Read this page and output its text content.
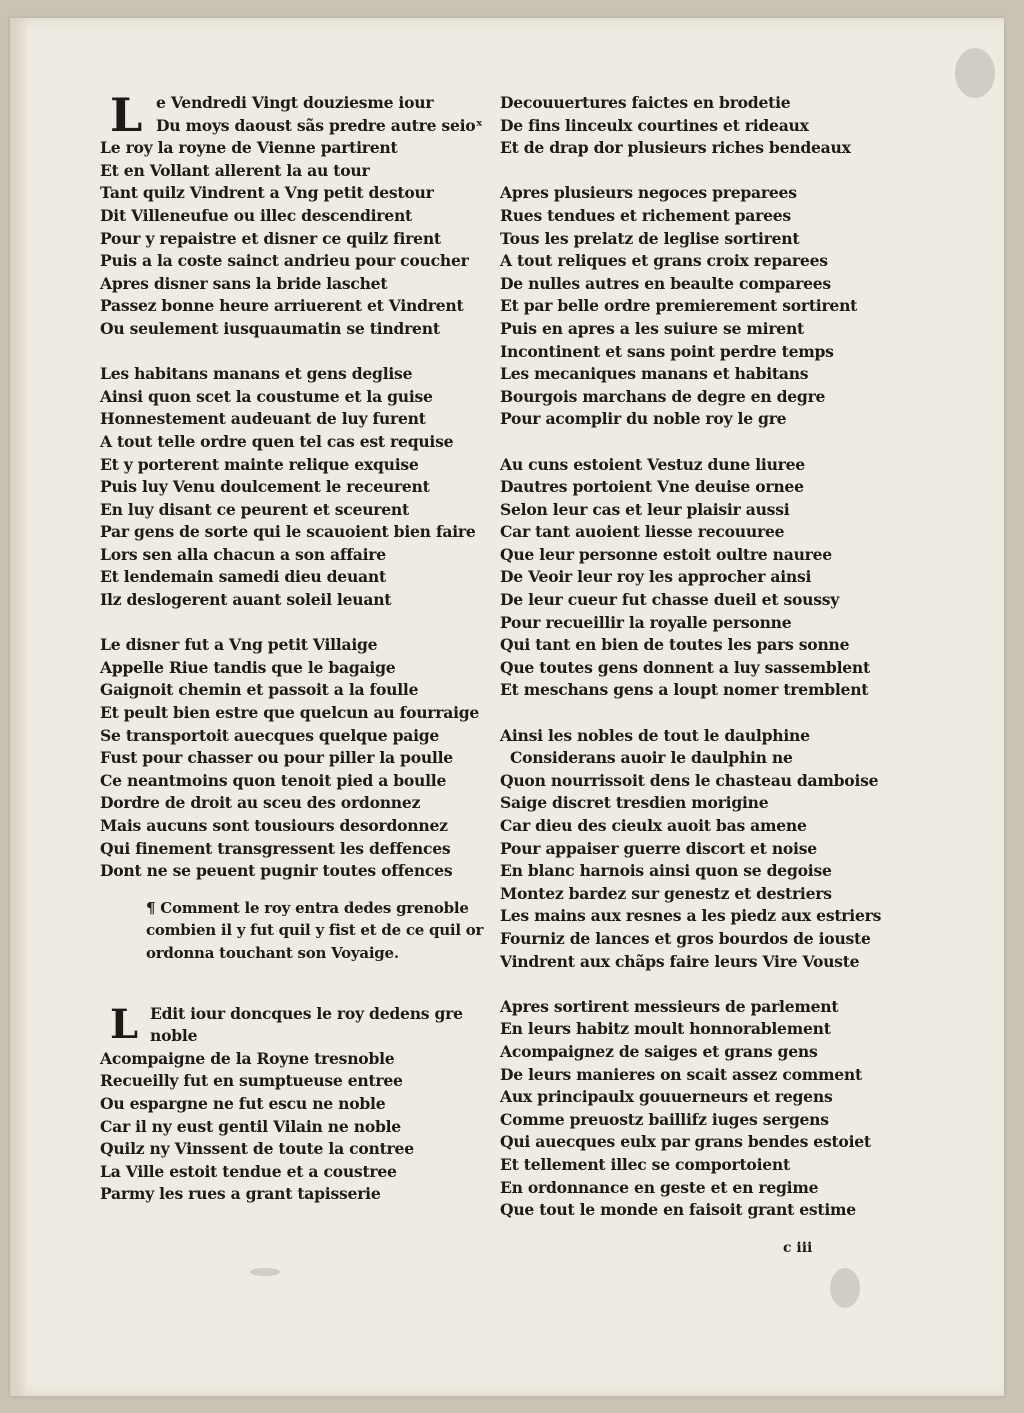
L e Vendredi Vingt douziesme iour
Du moys daoust sãs predre autre seioˣ
Le roy la royne de Vienne partirent
Et en Vollant allerent la au tour
Tant quilz Vindrent a Vng petit destour
Dit Villeneufue ou illec descendirent
Pour y repaistre et disner ce quilz firent
Puis a la coste sainct andrieu pour coucher
Apres disner sans la bride laschet
Passez bonne heure arriuerent et Vindrent
Ou seulement iusquaumatin se tindrent
Les habitans manans et gens deglise
Ainsi quon scet la coustume et la guise
Honnestement audeuant de luy furent
A tout telle ordre quen tel cas est requise
Et y porterent mainte relique exquise
Puis luy Venu doulcement le receurent
En luy disant ce peurent et sceurent
Par gens de sorte qui le scauoient bien faire
Lors sen alla chacun a son affaire
Et lendemain samedi dieu deuant
Ilz deslogerent auant soleil leuant
Le disner fut a Vng petit Villaige
Appelle Riue tandis que le bagaige
Gaignoit chemin et passoit a la foulle
Et peult bien estre que quelcun au fourraige
Se transportoit auecques quelque paige
Fust pour chasser ou pour piller la poulle
Ce neantmoins quon tenoit pied a boulle
Dordre de droit au sceu des ordonnez
Mais aucuns sont tousiours desordonnez
Qui finement transgressent les deffences
Dont ne se peuent pugnir toutes offences
¶ Comment le roy entra dedes grenoble
combien il y fut quil y fist et de ce quil or
ordonna touchant son Voyaige.
L Edit iour doncques le roy dedens gre
noble
Acompaigne de la Royne tresnoble
Recueilly fut en sumptueuse entree
Ou espargne ne fut escu ne noble
Car il ny eust gentil Vilain ne noble
Quilz ny Vinssent de toute la contree
La Ville estoit tendue et a coustree
Parmy les rues a grant tapisserie
Decouuertures faictes en brodetie
De fins linceulx courtines et rideaux
Et de drap dor plusieurs riches bendeaux
Apres plusieurs negoces preparees
Rues tendues et richement parees
Tous les prelatz de leglise sortirent
A tout reliques et grans croix reparees
De nulles autres en beaulte comparees
Et par belle ordre premierement sortirent
Puis en apres a les suiure se mirent
Incontinent et sans point perdre temps
Les mecaniques manans et habitans
Bourgois marchans de degre en degre
Pour acomplir du noble roy le gre
Au cuns estoient Vestuz dune liuree
Dautres portoient Vne deuise ornee
Selon leur cas et leur plaisir aussi
Car tant auoient liesse recouuree
Que leur personne estoit oultre nauree
De Veoir leur roy les approcher ainsi
De leur cueur fut chasse dueil et soussy
Pour recueillir la royalle personne
Qui tant en bien de toutes les pars sonne
Que toutes gens donnent a luy sassemblent
Et meschans gens a loupt nomer tremblent
Ainsi les nobles de tout le daulphine
Considerans auoir le daulphin ne
Quon nourrissoit dens le chasteau damboise
Saige discret tresdien morigine
Car dieu des cieulx auoit bas amene
Pour appaiser guerre discort et noise
En blanc harnois ainsi quon se degoise
Montez bardez sur genestz et destriers
Les mains aux resnes a les piedz aux estriers
Fourniz de lances et gros bourdos de iouste
Vindrent aux chãps faire leurs Vire Vouste
Apres sortirent messieurs de parlement
En leurs habitz moult honnorablement
Acompaignez de saiges et grans gens
De leurs manieres on scait assez comment
Aux principaulx gouuerneurs et regens
Comme preuostz baillifz iuges sergens
Qui auecques eulx par grans bendes estoiet
Et tellement illec se comportoient
En ordonnance en geste et en regime
Que tout le monde en faisoit grant estime
c iii
